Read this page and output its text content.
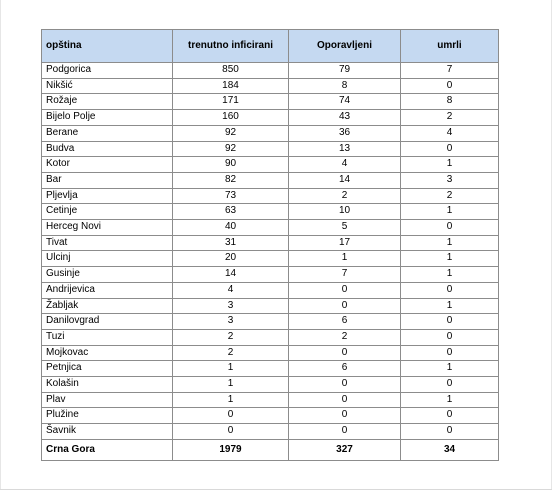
opština	trenutno inficirani	Oporavljeni	umrli
Podgorica	850	79	7
Nikšić	184	8	0
Rožaje	171	74	8
Bijelo Polje	160	43	2
Berane	92	36	4
Budva	92	13	0
Kotor	90	4	1
Bar	82	14	3
Pljevlja	73	2	2
Cetinje	63	10	1
Herceg Novi	40	5	0
Tivat	31	17	1
Ulcinj	20	1	1
Gusinje	14	7	1
Andrijevica	4	0	0
Žabljak	3	0	1
Danilovgrad	3	6	0
Tuzi	2	2	0
Mojkovac	2	0	0
Petnjica	1	6	1
Kolašin	1	0	0
Plav	1	0	1
Plužine	0	0	0
Šavnik	0	0	0
Crna Gora	1979	327	34
